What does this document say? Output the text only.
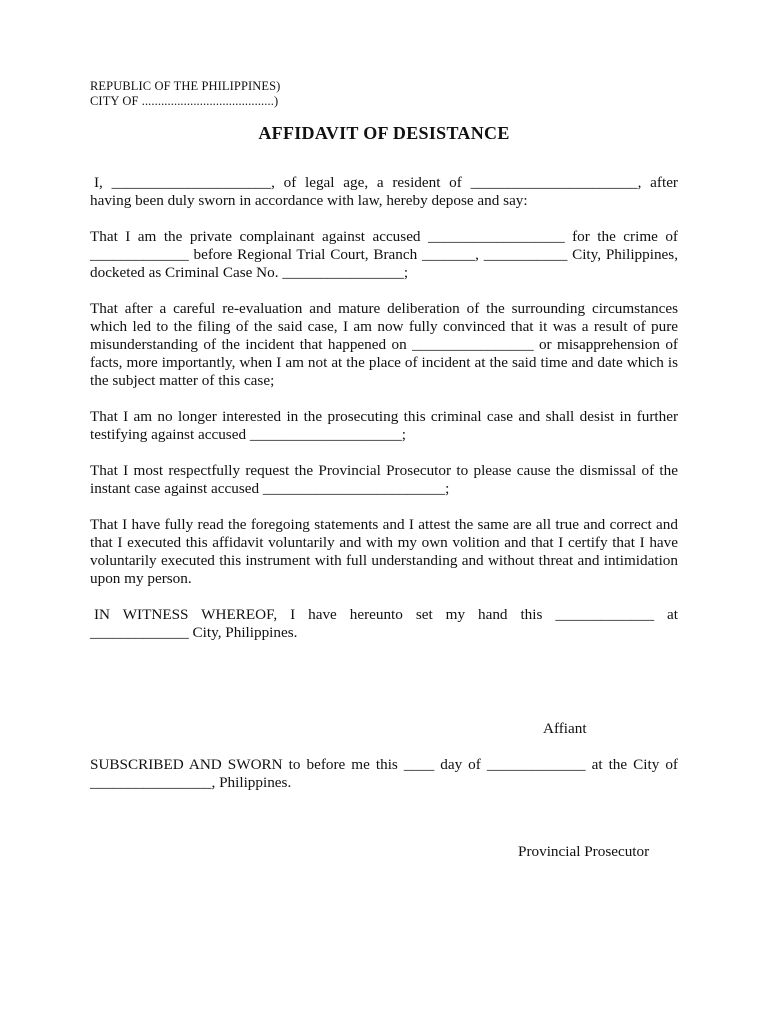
REPUBLIC OF THE PHILIPPINES)
CITY OF .........................................)
AFFIDAVIT OF DESISTANCE

I, _____________________, of legal age, a resident of ______________________, after having been duly sworn in accordance with law, hereby depose and say:

That I am the private complainant against accused __________________ for the crime of _____________ before Regional Trial Court, Branch _______, ___________ City, Philippines, docketed as Criminal Case No. ________________;

That after a careful re-evaluation and mature deliberation of the surrounding circumstances which led to the filing of the said case, I am now fully convinced that it was a result of pure misunderstanding of the incident that happened on ________________ or misapprehension of facts, more importantly, when I am not at the place of incident at the said time and date which is the subject matter of this case;

That I am no longer interested in the prosecuting this criminal case and shall desist in further testifying against accused ____________________;

That I most respectfully request the Provincial Prosecutor to please cause the dismissal of the instant case against accused ________________________;

That I have fully read the foregoing statements and I attest the same are all true and correct and that I executed this affidavit voluntarily and with my own volition and that I certify that I have voluntarily executed this instrument with full understanding and without threat and intimidation upon my person.

IN WITNESS WHEREOF, I have hereunto set my hand this _____________ at _____________ City, Philippines.

Affiant
SUBSCRIBED AND SWORN to before me this ____ day of _____________ at the City of ________________, Philippines.
Provincial Prosecutor
